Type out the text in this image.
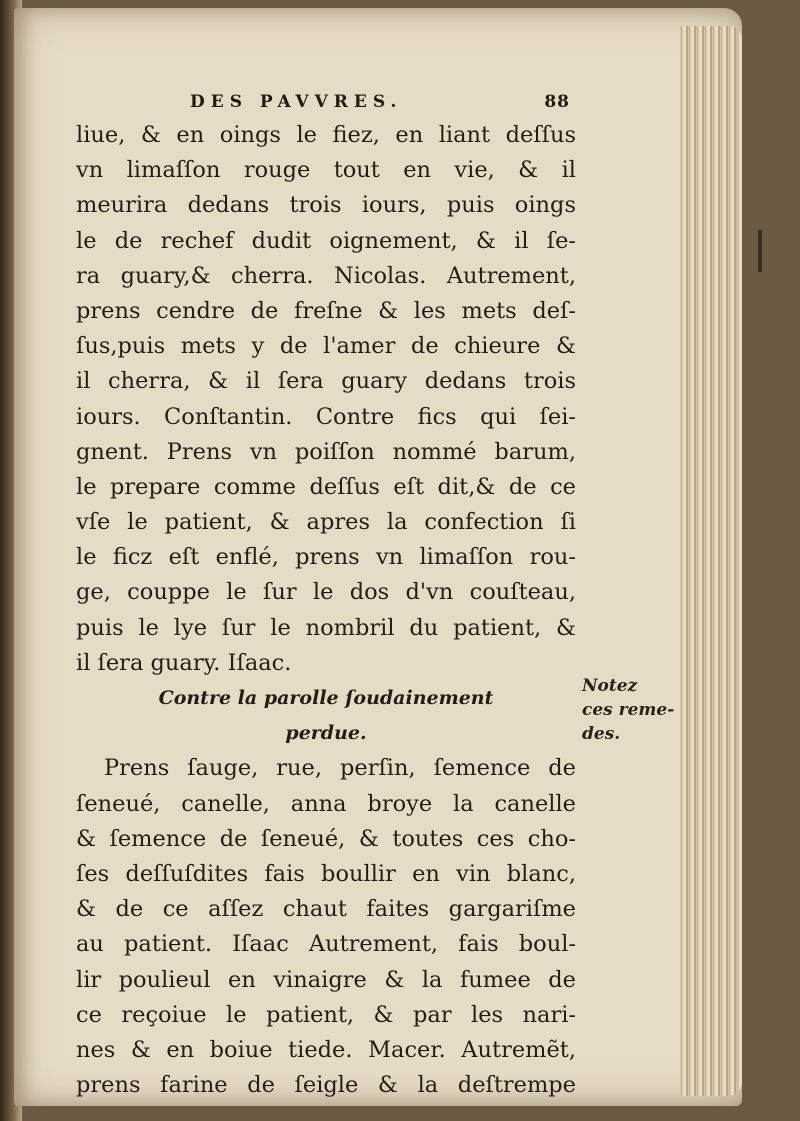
DES PAVVRES.	88
liue, & en oings le fiez, en liant deſſus
vn limaſſon rouge tout en vie, & il
meurira dedans trois iours, puis oings
le de rechef dudit oignement, & il ſe-
ra guary,& cherra. Nicolas. Autrement,
prens cendre de freſne & les mets deſ-
ſus,puis mets y de l'amer de chieure &
il cherra, & il ſera guary dedans trois
iours. Conſtantin. Contre fics qui ſei-
gnent. Prens vn poiſſon nommé barum,
le prepare comme deſſus eſt dit,& de ce
vſe le patient, & apres la confection ſi
le ficz eſt enflé, prens vn limaſſon rou-
ge, couppe le ſur le dos d'vn couſteau,
puis le lye ſur le nombril du patient, &
il ſera guary. Iſaac.
Contre la parolle ſoudainement
perdue.
Prens ſauge, rue, perſin, ſemence de
ſeneué, canelle, anna broye la canelle
& ſemence de ſeneué, & toutes ces cho-
ſes deſſuſdites fais boullir en vin blanc,
& de ce aſſez chaut faites gargariſme
au patient. Iſaac Autrement, fais boul-
lir poulieul en vinaigre & la fumee de
ce reçoiue le patient, & par les nari-
nes & en boiue tiede. Macer. Autremẽt,
prens farine de ſeigle & la deſtrempe
Notez
ces reme-
des.
